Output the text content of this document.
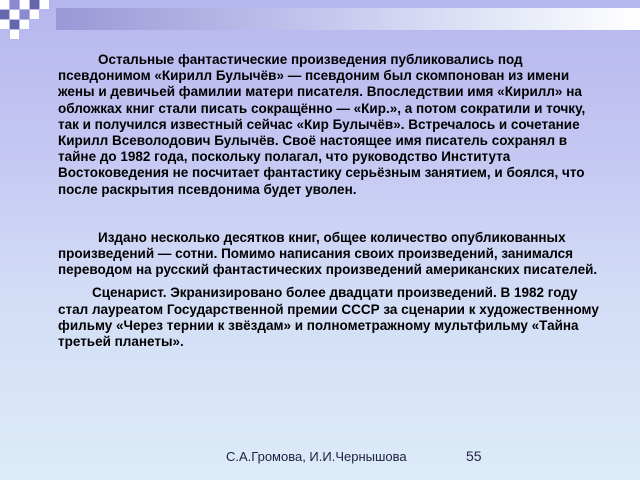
Остальные фантастические произведения публиковались под псевдонимом «Кирилл Булычёв» — псевдоним был скомпонован из имени жены и девичьей фамилии матери писателя. Впоследствии имя «Кирилл» на обложках книг стали писать сокращённо — «Кир.», а потом сократили и точку, так и получился известный сейчас «Кир Булычёв». Встречалось и сочетание Кирилл Всеволодович Булычёв. Своё настоящее имя писатель сохранял в тайне до 1982 года, поскольку полагал, что руководство Института Востоковедения не посчитает фантастику серьёзным занятием, и боялся, что после раскрытия псевдонима будет уволен.

Издано несколько десятков книг, общее количество опубликованных произведений — сотни. Помимо написания своих произведений, занимался переводом на русский фантастических произведений американских писателей.

Сценарист. Экранизировано более двадцати произведений. В 1982 году стал лауреатом Государственной премии СССР за сценарии к художественному фильму «Через тернии к звёздам» и полнометражному мультфильму «Тайна третьей планеты».

С.А.Громова, И.И.Чернышова	55
